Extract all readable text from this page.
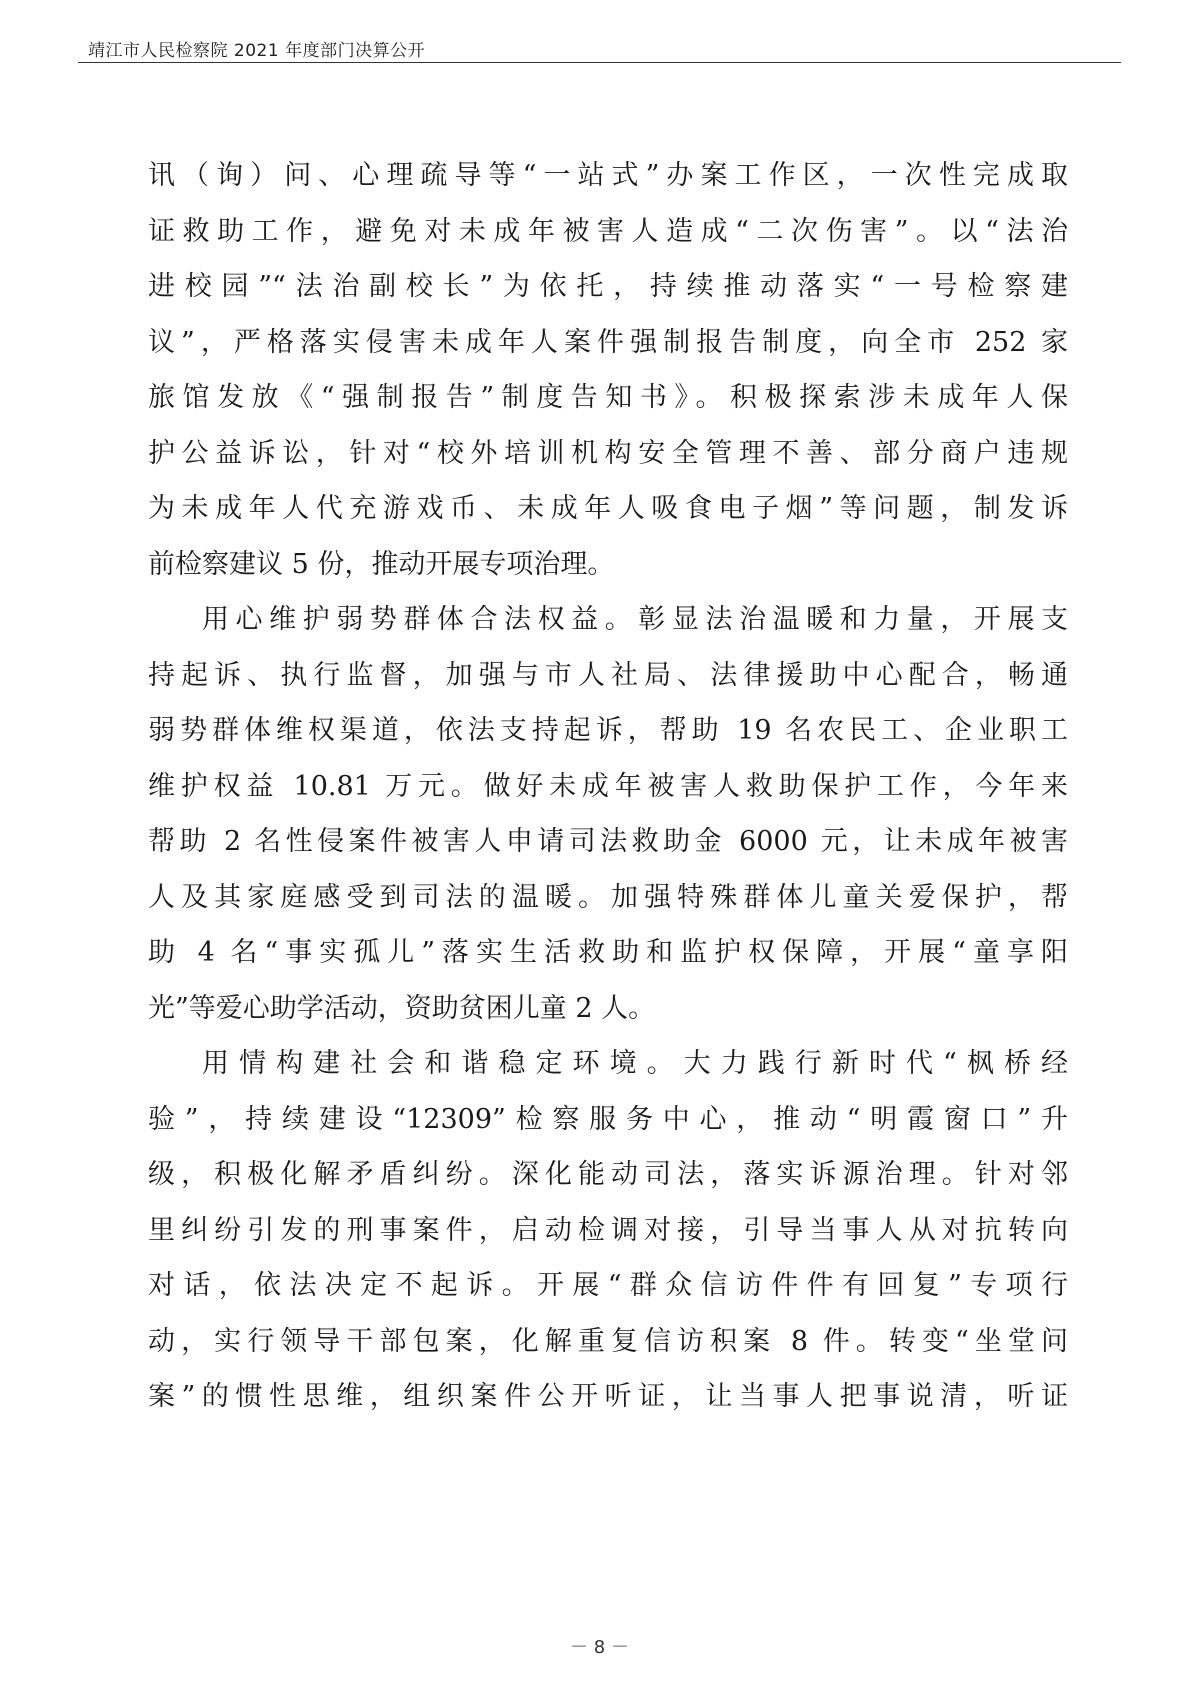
靖江市人民检察院 2021 年度部门决算公开
讯（询）问、心理疏导等“一站式”办案工作区，一次性完成取
证救助工作，避免对未成年被害人造成“二次伤害”。以“法治
进校园”“法治副校长”为依托，持续推动落实“一号检察建
议”，严格落实侵害未成年人案件强制报告制度，向全市 252 家
旅馆发放《“强制报告”制度告知书》。积极探索涉未成年人保
护公益诉讼，针对“校外培训机构安全管理不善、部分商户违规
为未成年人代充游戏币、未成年人吸食电子烟”等问题，制发诉
前检察建议 5 份，推动开展专项治理。
用心维护弱势群体合法权益。彰显法治温暖和力量，开展支
持起诉、执行监督，加强与市人社局、法律援助中心配合，畅通
弱势群体维权渠道，依法支持起诉，帮助 19 名农民工、企业职工
维护权益 10.81 万元。做好未成年被害人救助保护工作，今年来
帮助 2 名性侵案件被害人申请司法救助金 6000 元，让未成年被害
人及其家庭感受到司法的温暖。加强特殊群体儿童关爱保护，帮
助 4 名“事实孤儿”落实生活救助和监护权保障，开展“童享阳
光”等爱心助学活动，资助贫困儿童 2 人。
用情构建社会和谐稳定环境。大力践行新时代“枫桥经
验”，持续建设“12309”检察服务中心，推动“明霞窗口”升
级，积极化解矛盾纠纷。深化能动司法，落实诉源治理。针对邻
里纠纷引发的刑事案件，启动检调对接，引导当事人从对抗转向
对话，依法决定不起诉。开展“群众信访件件有回复”专项行
动，实行领导干部包案，化解重复信访积案 8 件。转变“坐堂问
案”的惯性思维，组织案件公开听证，让当事人把事说清，听证
－ 8 －
